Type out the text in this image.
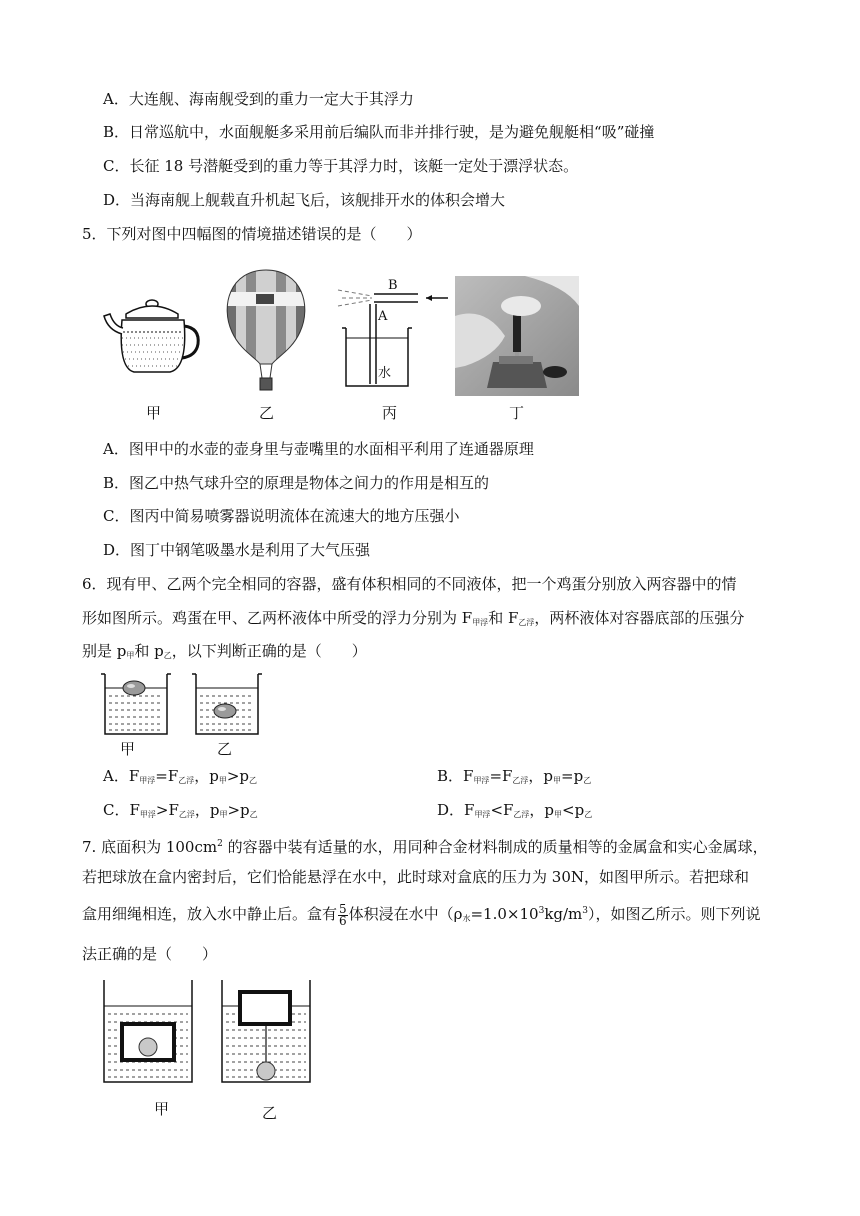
A．大连舰、海南舰受到的重力一定大于其浮力
B．日常巡航中，水面舰艇多采用前后编队而非并排行驶，是为避免舰艇相“吸”碰撞
C．长征 18 号潜艇受到的重力等于其浮力时，该艇一定处于漂浮状态。
D．当海南舰上舰载直升机起飞后，该舰排开水的体积会增大
5．下列对图中四幅图的情境描述错误的是（　　）
甲	乙
B
A
水
丙	丁
A．图甲中的水壶的壶身里与壶嘴里的水面相平利用了连通器原理
B．图乙中热气球升空的原理是物体之间力的作用是相互的
C．图丙中简易喷雾器说明流体在流速大的地方压强小
D．图丁中钢笔吸墨水是利用了大气压强
6．现有甲、乙两个完全相同的容器，盛有体积相同的不同液体，把一个鸡蛋分别放入两容器中的情
形如图所示。鸡蛋在甲、乙两杯液体中所受的浮力分别为 $F_{甲浮}$和 $F_{乙浮}$，两杯液体对容器底部的压强分
别是 $p_甲$和 $p_乙$，以下判断正确的是（　　）
甲	乙
A．$F_{甲浮}=F_{乙浮}$，$p_甲>p_乙$	B．$F_{甲浮}=F_{乙浮}$，$p_甲=p_乙$
C．$F_{甲浮}>F_{乙浮}$，$p_甲>p_乙$	D．$F_{甲浮}<F_{乙浮}$，$p_甲<p_乙$
7. 底面积为 $100cm^2$ 的容器中装有适量的水，用同种合金材料制成的质量相等的金属盒和实心金属球，
若把球放在盒内密封后，它们恰能悬浮在水中，此时球对盒底的压力为 30N，如图甲所示。若把球和
盒用细绳相连，放入水中静止后。盒有 $\frac{5}{6}$ 体积浸在水中$(\rho_水=1.0\times 10^3kg/m^3)$，如图乙所示。则下列说
法正确的是（　　）
甲	乙
